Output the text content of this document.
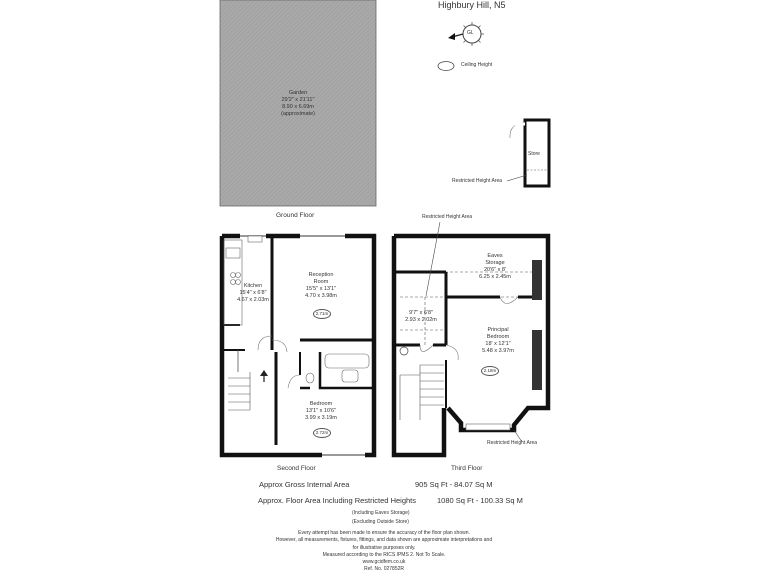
Highbury Hill, N5
GL
Ceiling Height
Garden
29'2" x 21'11"
8.90 x 6.69m
(approximate)
Store
Restricted Height Area
Ground Floor
Kitchen
15'4" x 6'8"
4.67 x 2.03m
Reception
Room
15'5" x 13'1"
4.70 x 3.98m
2.71m
Bedroom
13'1" x 10'6"
3.99 x 3.19m
2.72m
Second Floor
Restricted Height Area
Eaves
Storage
20'6" x 8'
6.25 x 2.45m
9'7" x 6'8"
2.93 x 2.02m
Principal
Bedroom
18' x 12'1"
5.48 x 3.97m
2.18m
Restricted Height Area
Third Floor
Approx Gross Internal Area	905 Sq Ft - 84.07 Sq M
Approx. Floor Area Including Restricted Heights	1080 Sq Ft - 100.33 Sq M
(Including Eaves Storage)
(Excluding Outside Store)
Every attempt has been made to ensure the accuracy of the floor plan shown.
However, all measurements, fixtures, fittings, and data shown are approximate interpretations and
for illustrative purposes only.
Measured according to the RICS IPMS 2. Not To Scale.
www.gcidfem.co.uk
Ref. No. 027852R
